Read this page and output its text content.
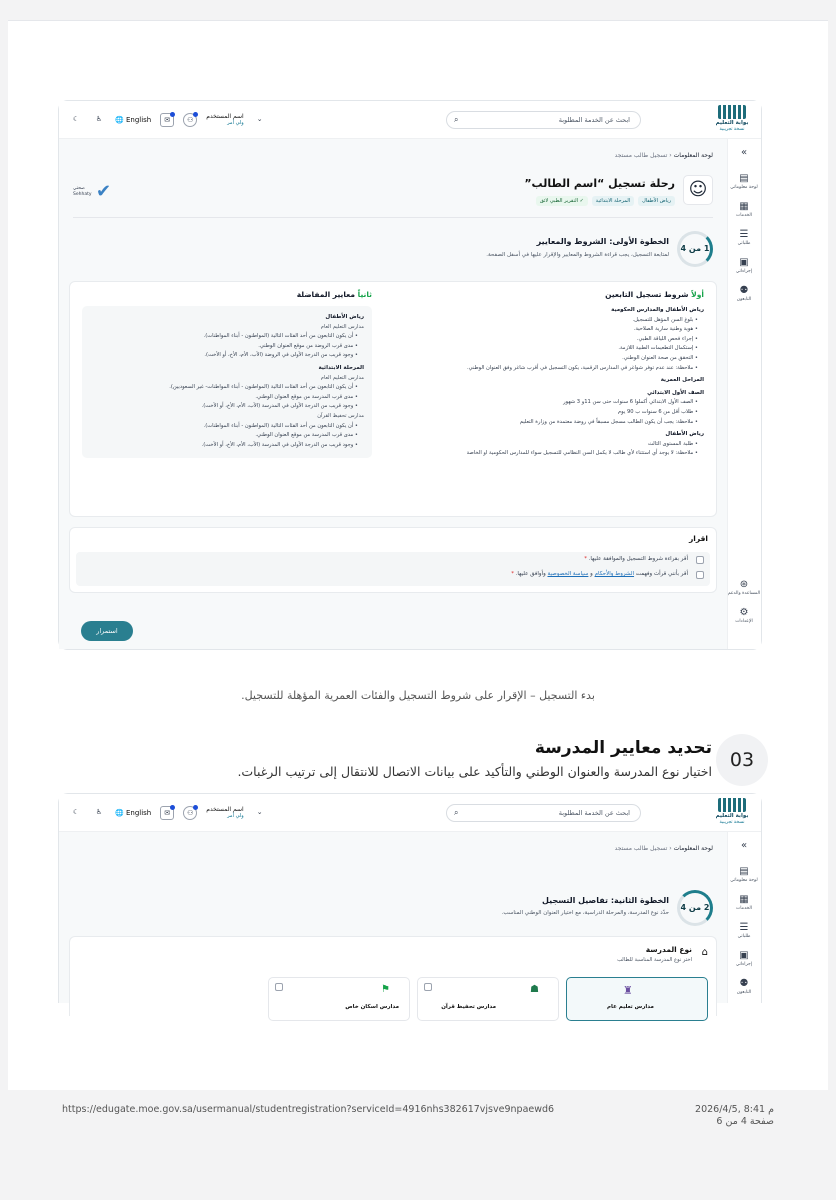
بوابة التعليم
نسخة تجريبية
ابحث عن الخدمة المطلوبة
⌕
⌄
اسم المستخدم
ولي أمر
⚇
✉
🌐 English
♿
☾
»
▤
لوحة معلوماتي
▦
الخدمات
☰
طلباتي
▣
إجراءاتي
⚉
التابعون
⊛
المساعدة والدعم
⚙
الإعدادات
لوحة المعلومات ‹ تسجيل طالب مستجد
☺
رحلة تسجيل “اسم الطالب”
رياض الأطفال
المرحلة الابتدائية
✓ التقرير الطبي لائق
صحتي Sehhaty ✔
1 من 4
الخطوة الأولى: الشروط والمعايير
لمتابعة التسجيل، يجب قراءة الشروط والمعايير والإقرار عليها في أسفل الصفحة.
أولاً شروط تسجيل التابعين
رياض الأطفال والمدارس الحكومية
• بلوغ السن المؤهل للتسجيل.
• هوية وطنية سارية الصلاحية.
• إجراء فحص اللياقة الطبي.
• إستكمال التطعيمات الطبية اللازمة.
• التحقق من صحة العنوان الوطني.
• ملاحظة: عند عدم توفر شواغر في المدارس الرقمية، يكون التسجيل في أقرب شاغر وفق العنوان الوطني.
المراحل العمرية
الصف الأول الابتدائي
• الصف الأول الابتدائي أكملوا 6 سنوات حتى سن 11و 3 شهور
• طلاب أقل من 6 سنوات ب 90 يوم
• ملاحظة: يجب أن يكون الطالب مسجل مسبقاً في روضة معتمدة من وزارة التعليم
رياض الأطفال
• طلبة المستوى الثالث
• ملاحظة: لا يوجد أي استثناء لأي طالب لا يكمل السن النظامي للتسجيل سواء للمدارس الحكومية او الخاصة
ثانياً معايير المفاضلة
رياض الأطفال
مدارس التعليم العام
• أن يكون التابعون من أحد الفئات التالية (المواطنون - أبناء المواطنات).
• مدى قرب الروضة من موقع العنوان الوطني.
• وجود قريب من الدرجة الأولى في الروضة (الأب، الأم، الأخ، أو الأخت).
المرحلة الابتدائية
مدارس التعليم العام
• أن يكون التابعون من أحد الفئات التالية (المواطنون - أبناء المواطنات- غير السعوديين).
• مدى قرب المدرسة من موقع العنوان الوطني.
• وجود قريب من الدرجة الأولى في المدرسة (الأب، الأم، الأخ، أو الأخت).
مدارس تحفيظ القرآن
• أن يكون التابعون من أحد الفئات التالية (المواطنون - أبناء المواطنات).
• مدى قرب المدرسة من موقع العنوان الوطني.
• وجود قريب من الدرجة الأولى في المدرسة (الأب، الأم، الأخ، أو الأخت).
اقرار
أقر بقراءة شروط التسجيل والموافقة عليها. *
أقر بأنني قرأت وفهمت الشروط والأحكام و سياسة الخصوصية وأوافق عليها. *
استمرار
بدء التسجيل – الإقرار على شروط التسجيل والفئات العمرية المؤهلة للتسجيل.
03
تحديد معايير المدرسة
اختيار نوع المدرسة والعنوان الوطني والتأكيد على بيانات الاتصال للانتقال إلى ترتيب الرغبات.
بوابة التعليم
نسخة تجريبية
ابحث عن الخدمة المطلوبة
⌕
⌄
اسم المستخدم
ولي أمر
⚇
✉
🌐 English
♿
☾
»
▤
لوحة معلوماتي
▦
الخدمات
☰
طلباتي
▣
إجراءاتي
⚉
التابعون
لوحة المعلومات ‹ تسجيل طالب مستجد
2 من 4
الخطوة الثانية: تفاصيل التسجيل
حدّد نوع المدرسة، والمرحلة الدراسية، مع اختيار العنوان الوطني المناسب.
⌂
نوع المدرسة
اختر نوع المدرسة المناسبة للطالب
♜
مدارس تعليم عام
☗
مدارس تحفيظ قرآن
⚑
مدارس اسكان خاص
https://edugate.moe.gov.sa/usermanual/studentregistration?serviceId=4916nhs382617vjsve9npaewd6	2026/4/5, 8:41 م
صفحة 4 من 6
